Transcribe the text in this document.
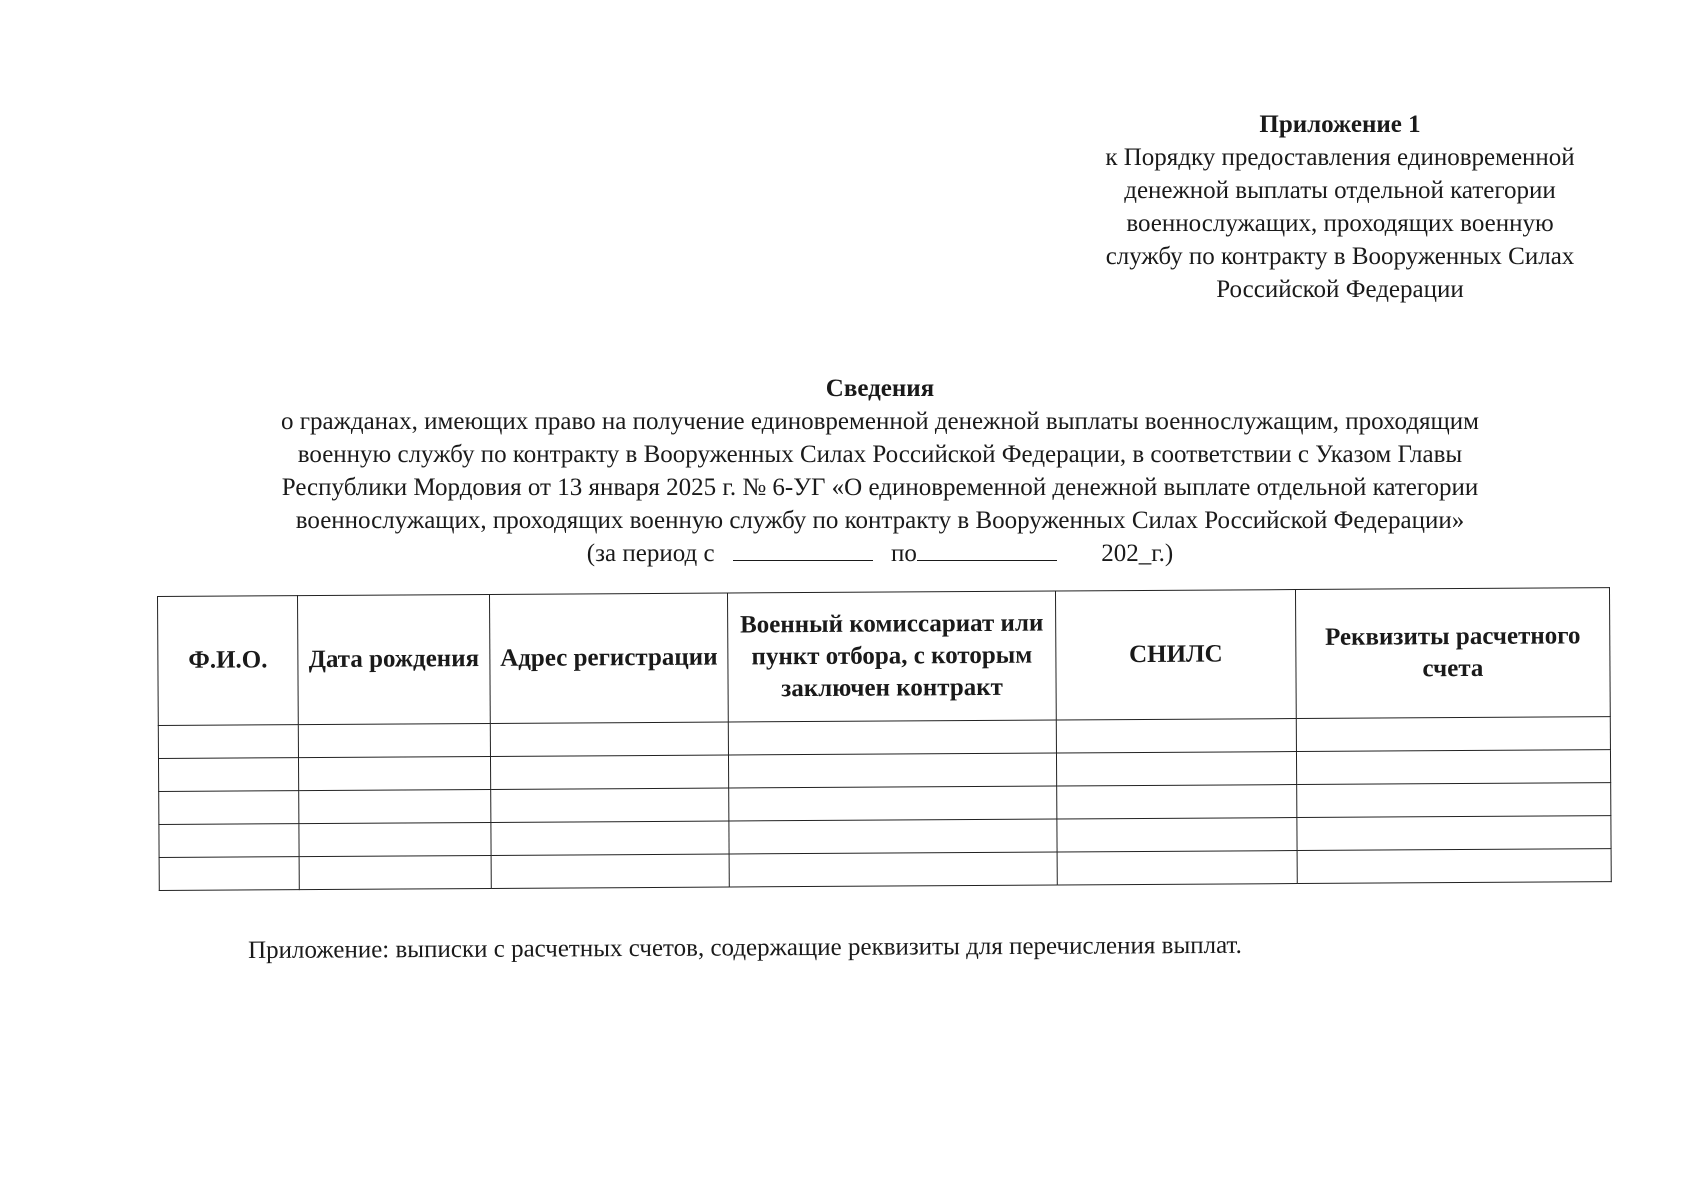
Приложение 1
к Порядку предоставления единовременной
денежной выплаты отдельной категории
военнослужащих, проходящих военную
службу по контракту в Вооруженных Силах
Российской Федерации
Сведения
о гражданах, имеющих право на получение единовременной денежной выплаты военнослужащим, проходящим
военную службу по контракту в Вооруженных Силах Российской Федерации, в соответствии с Указом Главы
Республики Мордовия от 13 января 2025 г. № 6-УГ «О единовременной денежной выплате отдельной категории
военнослужащих, проходящих военную службу по контракту в Вооруженных Силах Российской Федерации»
(за период с	по	202_г.)
Ф.И.О.	Дата рождения	Адрес регистрации	Военный комиссариат или пункт отбора, с которым заключен контракт	СНИЛС	Реквизиты расчетного счета

Приложение: выписки с расчетных счетов, содержащие реквизиты для перечисления выплат.
